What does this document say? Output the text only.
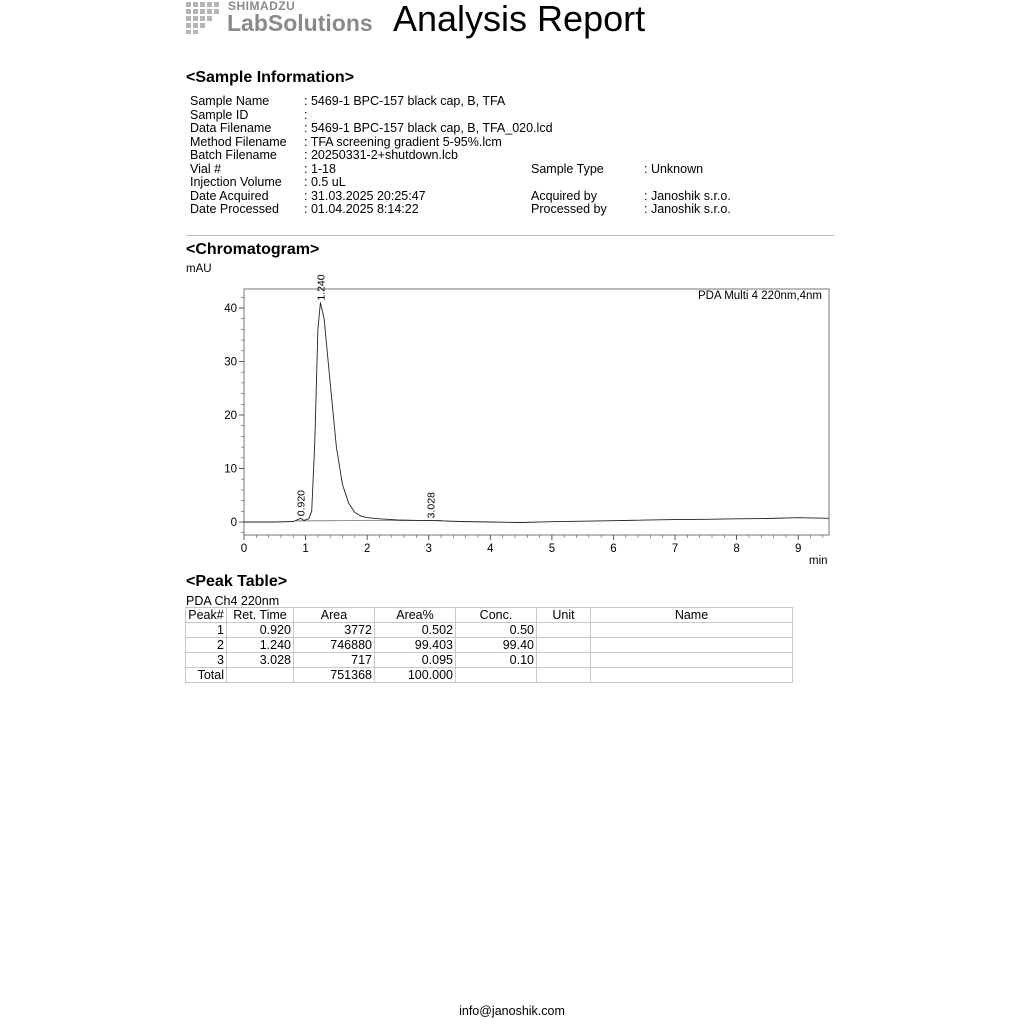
SHIMADZU
LabSolutions Analysis Report
<Sample Information>
Sample Name	: 5469-1 BPC-157 black cap, B, TFA
Sample ID	:
Data Filename	: 5469-1 BPC-157 black cap, B, TFA_020.lcd
Method Filename : TFA screening gradient 5-95%.lcm
Batch Filename : 20250331-2+shutdown.lcb
Vial #	: 1-18
Injection Volume : 0.5 uL
Date Acquired	: 31.03.2025 20:25:47
Date Processed : 01.04.2025 8:14:22
Sample Type	: Unknown
Acquired by	: Janoshik s.r.o.
Processed by	: Janoshik s.r.o.
<Chromatogram>
mAU
min
PDA Multi 4 220nm,4nm
0
10
20
30
40
0	1	2	3	4	5	6	7	8	9
0.920
1.240
3.028
<Peak Table>
PDA Ch4 220nm
Peak#	Ret. Time	Area	Area%	Conc.	Unit	Name
1	0.920	3772	0.502	0.50		
2	1.240	746880	99.403	99.40		
3	3.028	717	0.095	0.10		
Total		751368	100.000			
info@janoshik.com
